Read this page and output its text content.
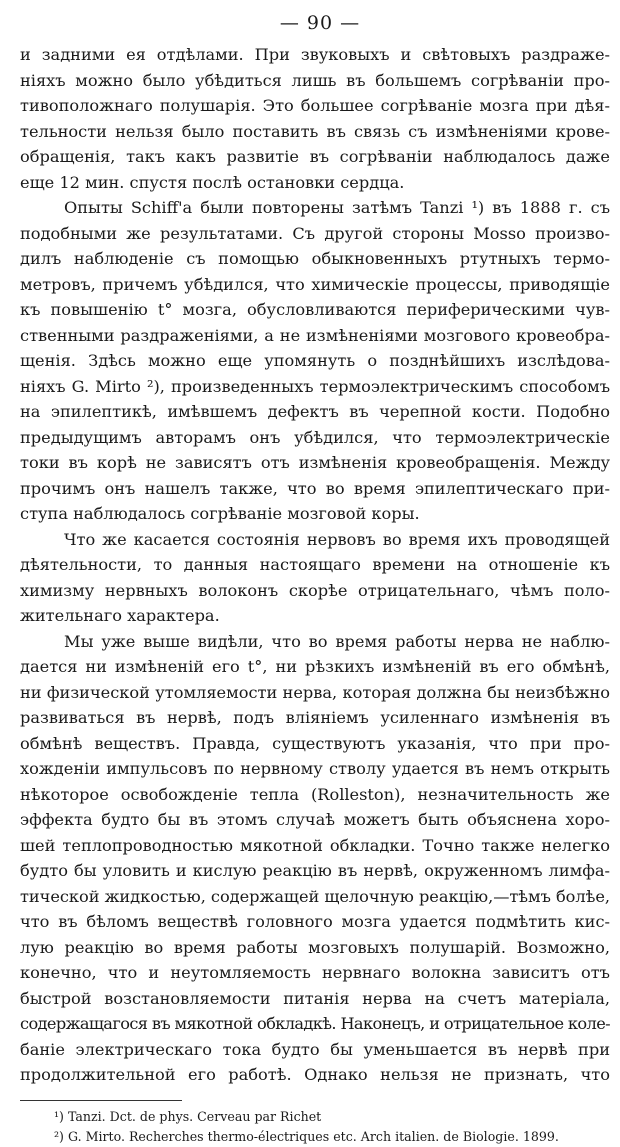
— 90 —
и задними ея отдѣлами. При звуковыхъ и свѣтовыхъ раздраже-
ніяхъ можно было убѣдиться лишь въ большемъ согрѣваніи про-
тивоположнаго полушарія. Это большее согрѣваніе мозга при дѣя-
тельности нельзя было поставить въ связь съ измѣненіями крове-
обращенія, такъ какъ развитіе въ согрѣваніи наблюдалось даже
еще 12 мин. спустя послѣ остановки сердца.
Опыты Schiff'a были повторены затѣмъ Tanzi ¹) въ 1888 г. съ
подобными же результатами. Съ другой стороны Mosso произво-
дилъ наблюденіе съ помощью обыкновенныхъ ртутныхъ термо-
метровъ, причемъ убѣдился, что химическіе процессы, приводящіе
къ повышенію t° мозга, обусловливаются периферическими чув-
ственными раздраженіями, а не измѣненіями мозгового кровеобра-
щенія. Здѣсь можно еще упомянуть о позднѣйшихъ изслѣдова-
ніяхъ G. Mirto ²), произведенныхъ термоэлектрическимъ способомъ
на эпилептикѣ, имѣвшемъ дефектъ въ черепной кости. Подобно
предыдущимъ авторамъ онъ убѣдился, что термоэлектрическіе
токи въ корѣ не зависятъ отъ измѣненія кровеобращенія. Между
прочимъ онъ нашелъ также, что во время эпилептическаго при-
ступа наблюдалось согрѣваніе мозговой коры.
Что же касается состоянія нервовъ во время ихъ проводящей
дѣятельности, то данныя настоящаго времени на отношеніе къ
химизму нервныхъ волоконъ скорѣе отрицательнаго, чѣмъ поло-
жительнаго характера.
Мы уже выше видѣли, что во время работы нерва не наблю-
дается ни измѣненій его t°, ни рѣзкихъ измѣненій въ его обмѣнѣ,
ни физической утомляемости нерва, которая должна бы неизбѣжно
развиваться въ нервѣ, подъ вліяніемъ усиленнаго измѣненія въ
обмѣнѣ веществъ. Правда, существуютъ указанія, что при про-
хожденіи импульсовъ по нервному стволу удается въ немъ открыть
нѣкоторое освобожденіе тепла (Rolleston), незначительность же
эффекта будто бы въ этомъ случаѣ можетъ быть объяснена хоро-
шей теплопроводностью мякотной обкладки. Точно также нелегко
будто бы уловить и кислую реакцію въ нервѣ, окруженномъ лимфа-
тической жидкостью, содержащей щелочную реакцію,—тѣмъ болѣе,
что въ бѣломъ веществѣ головного мозга удается подмѣтить кис-
лую реакцію во время работы мозговыхъ полушарій. Возможно,
конечно, что и неутомляемость нервнаго волокна зависитъ отъ
быстрой возстановляемости питанія нерва на счетъ матеріала,
содержащагося въ мякотной обкладкѣ. Наконецъ, и отрицательное коле-
баніе электрическаго тока будто бы уменьшается въ нервѣ при
продолжительной его работѣ. Однако нельзя не признать, что
¹) Tanzi. Dct. de phys. Cerveau par Richet
²) G. Mirto. Recherches thermo-électriques etc. Arch italien. de Biologie. 1899.
